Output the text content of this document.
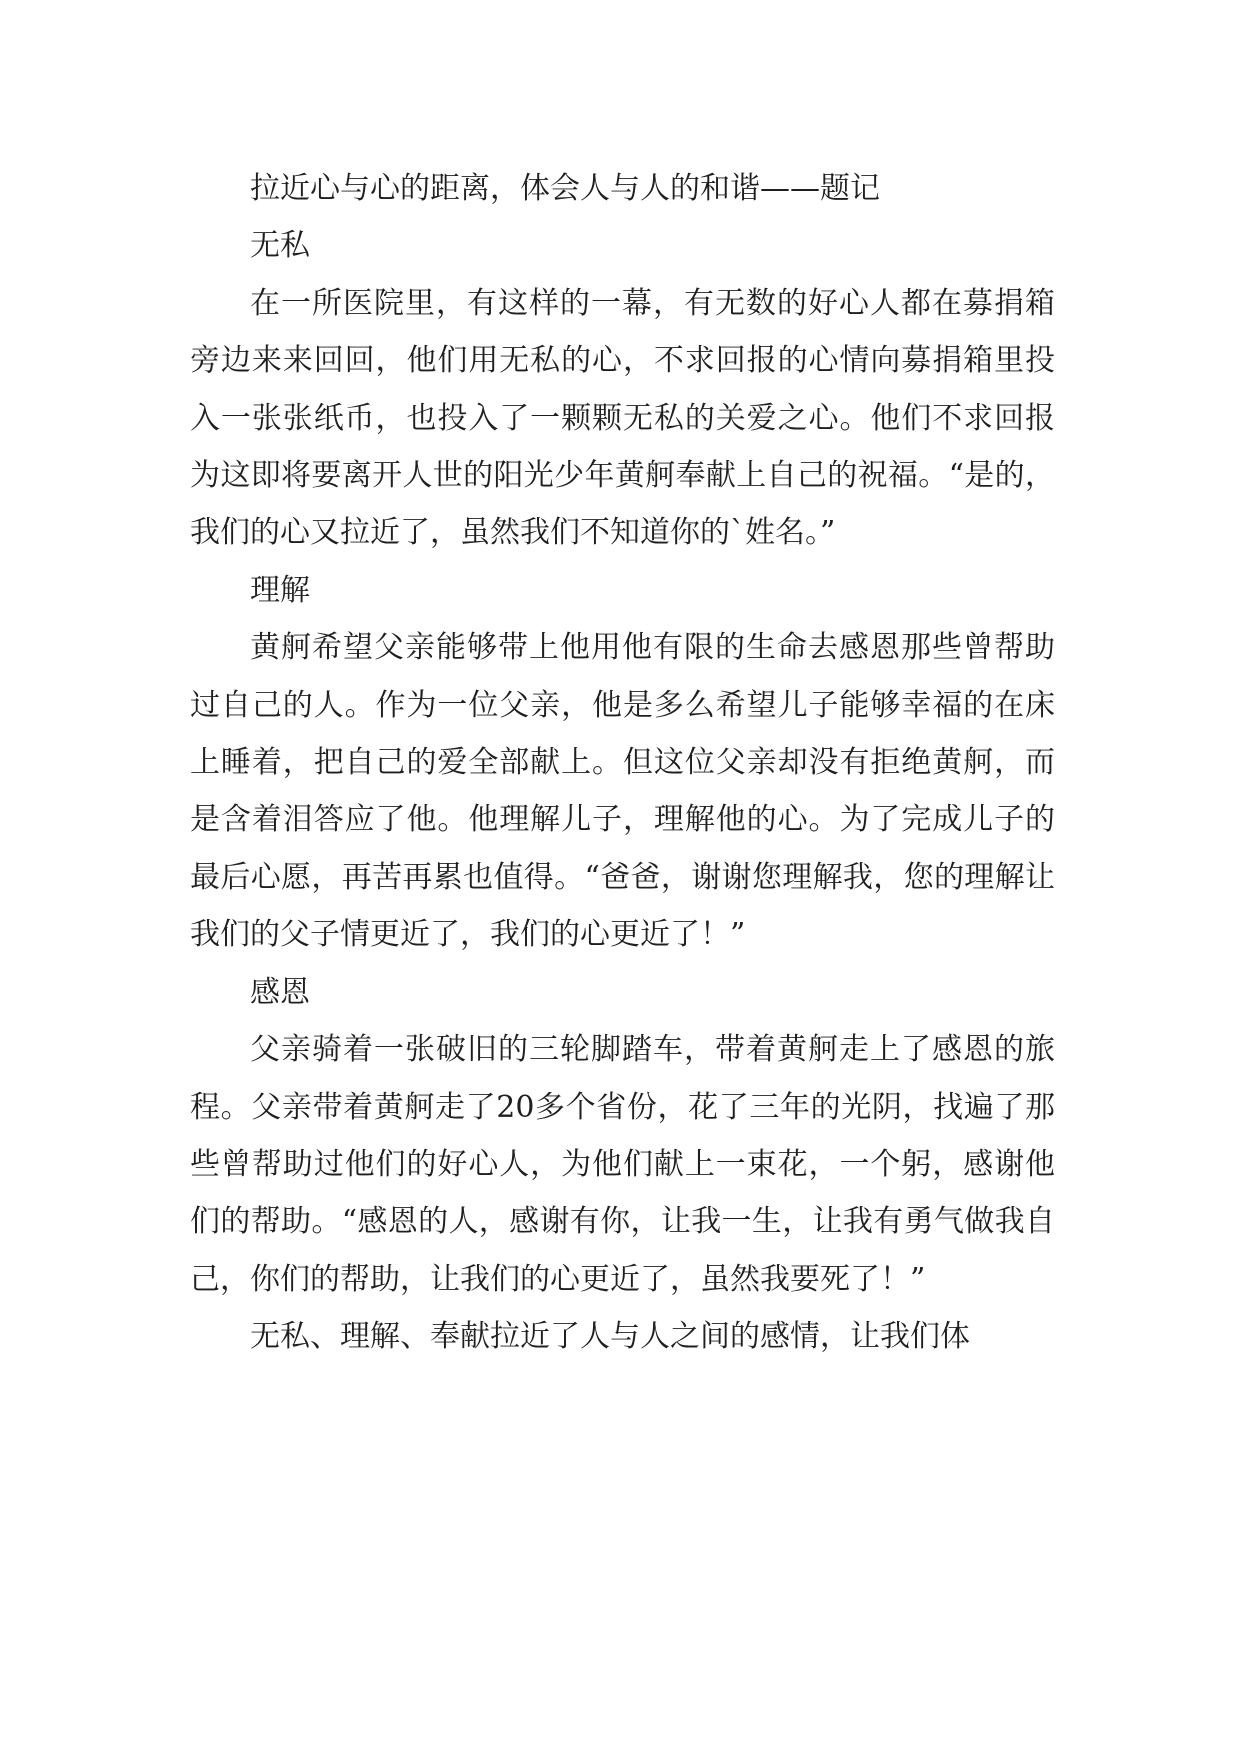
拉近心与心的距离，体会人与人的和谐——题记

无私

在一所医院里，有这样的一幕，有无数的好心人都在募捐箱旁边来来回回，他们用无私的心，不求回报的心情向募捐箱里投入一张张纸币，也投入了一颗颗无私的关爱之心。他们不求回报为这即将要离开人世的阳光少年黄舸奉献上自己的祝福。“是的，我们的心又拉近了，虽然我们不知道你的`姓名。”

理解

黄舸希望父亲能够带上他用他有限的生命去感恩那些曾帮助过自己的人。作为一位父亲，他是多么希望儿子能够幸福的在床上睡着，把自己的爱全部献上。但这位父亲却没有拒绝黄舸，而是含着泪答应了他。他理解儿子，理解他的心。为了完成儿子的最后心愿，再苦再累也值得。“爸爸，谢谢您理解我，您的理解让我们的父子情更近了，我们的心更近了！”

感恩

父亲骑着一张破旧的三轮脚踏车，带着黄舸走上了感恩的旅程。父亲带着黄舸走了20多个省份，花了三年的光阴，找遍了那些曾帮助过他们的好心人，为他们献上一束花，一个躬，感谢他们的帮助。“感恩的人，感谢有你，让我一生，让我有勇气做我自己，你们的帮助，让我们的心更近了，虽然我要死了！”

无私、理解、奉献拉近了人与人之间的感情，让我们体
